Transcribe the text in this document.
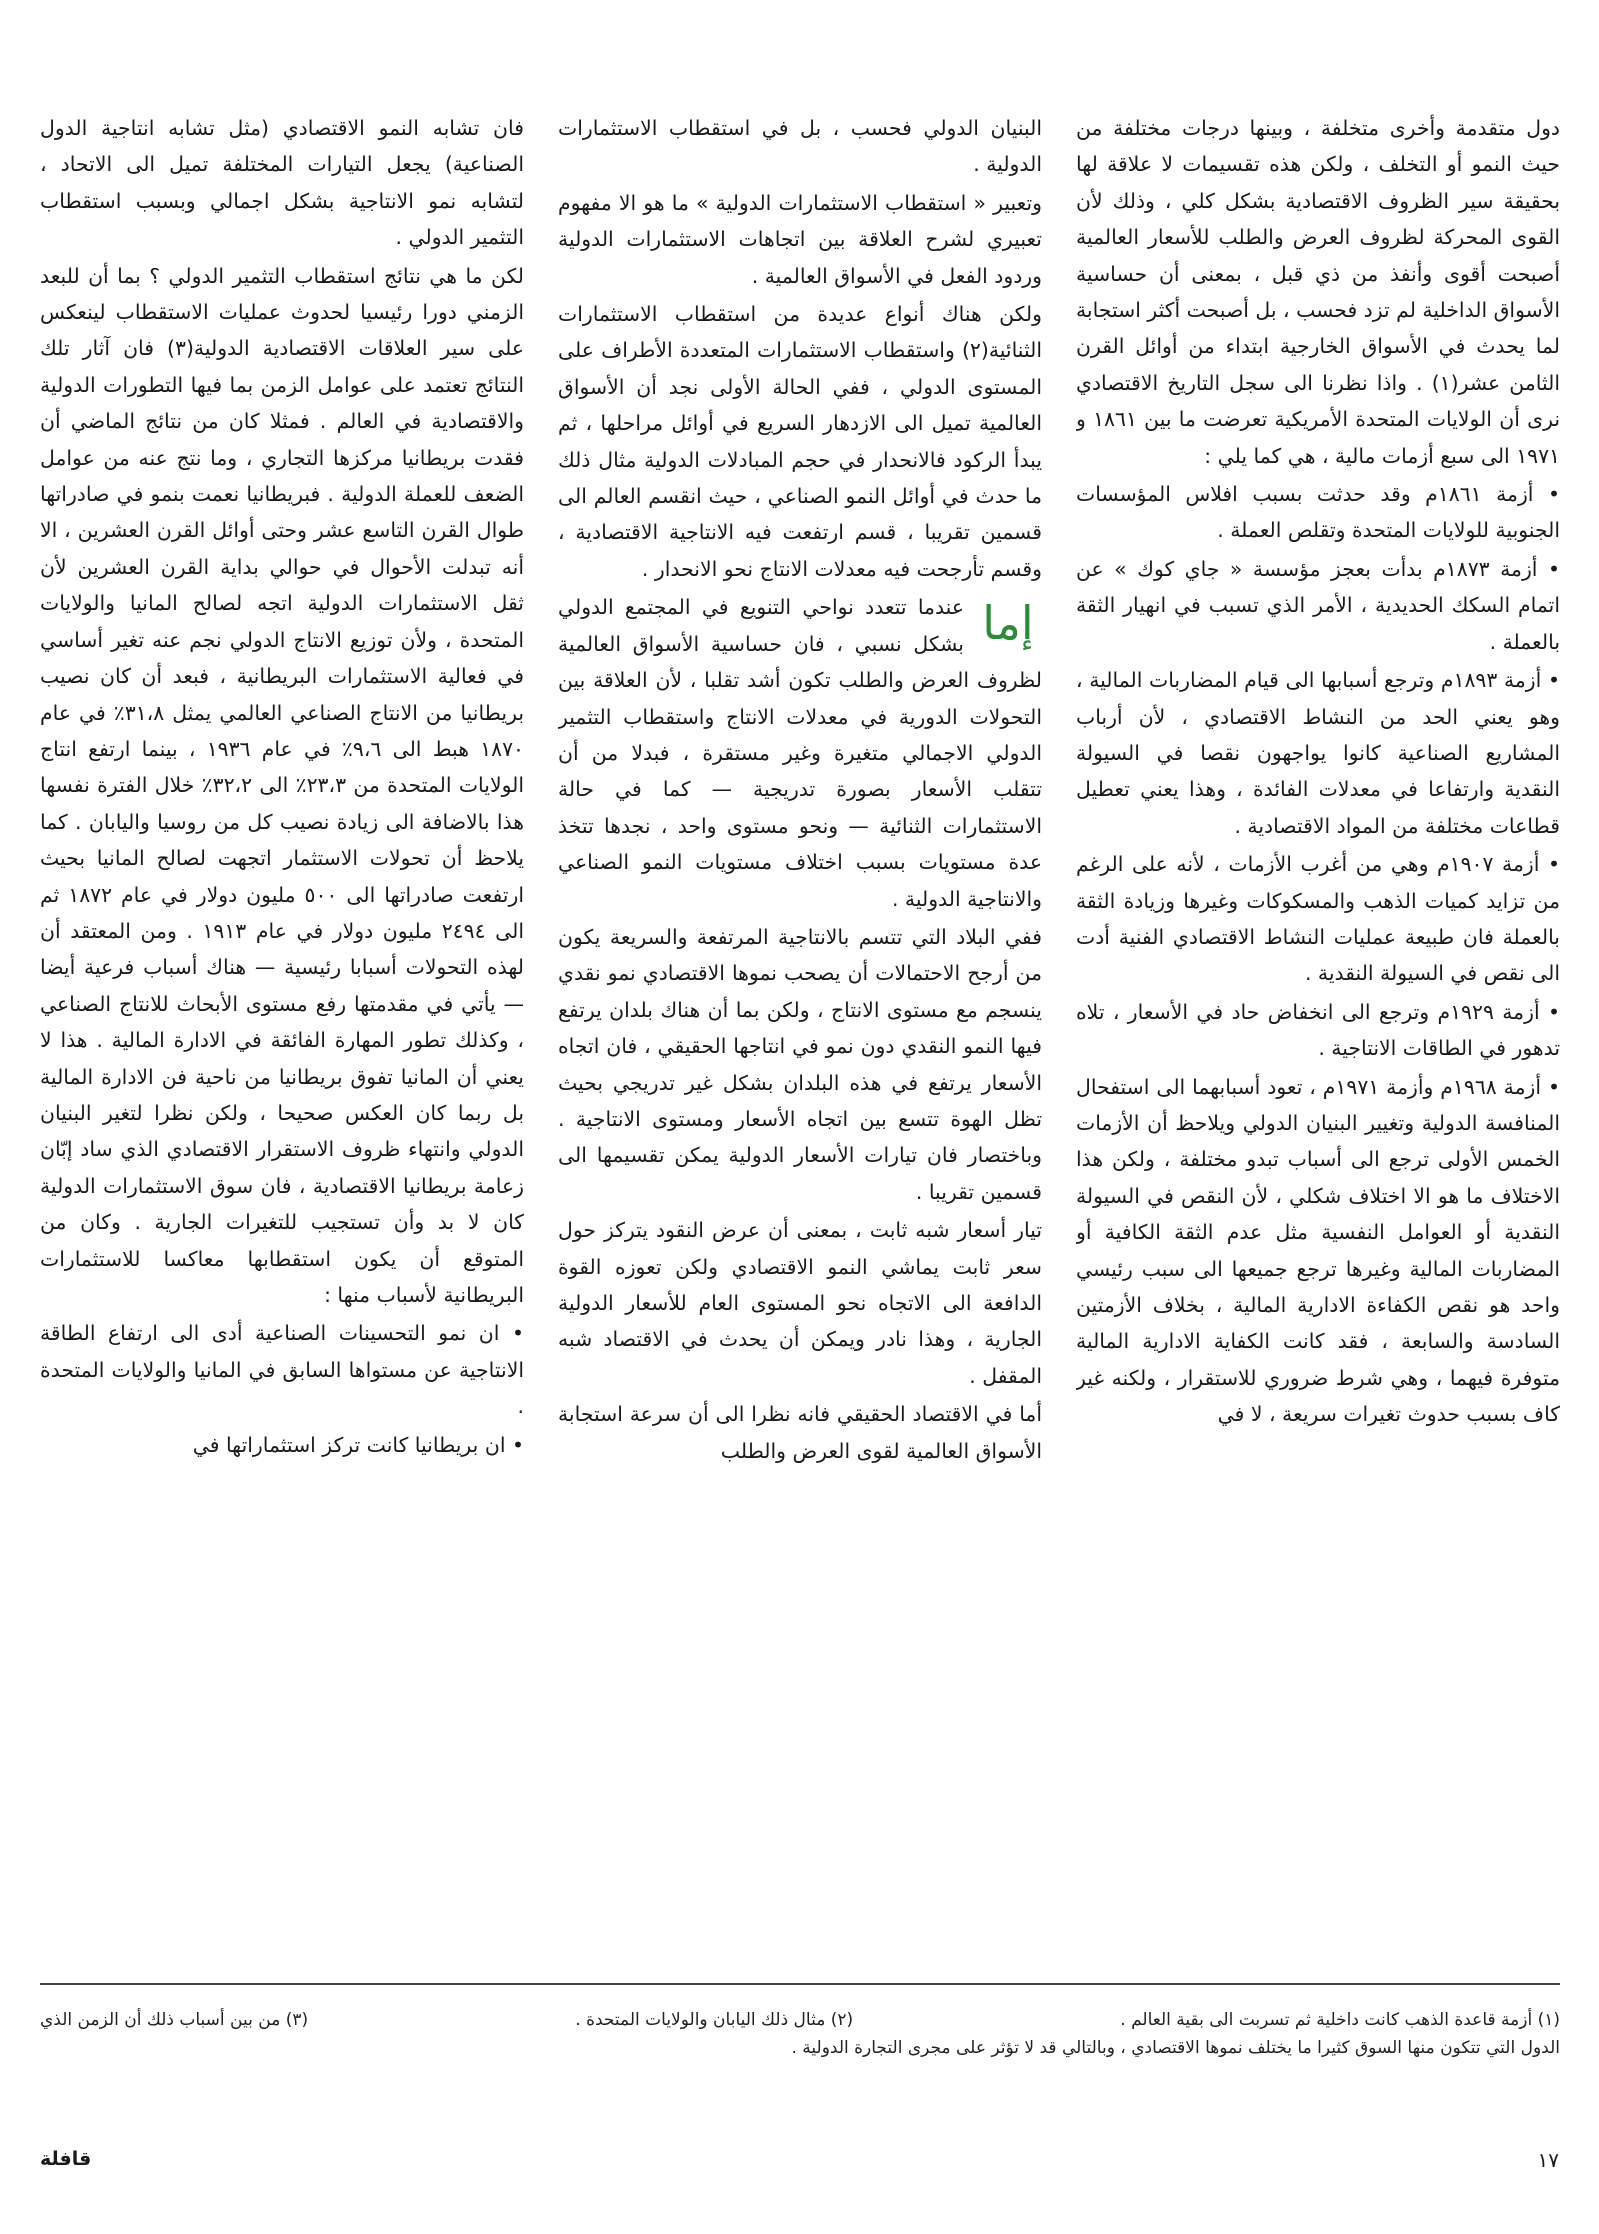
دول متقدمة وأخرى متخلفة ، وبينها درجات مختلفة من حيث النمو أو التخلف ، ولكن هذه تقسيمات لا علاقة لها بحقيقة سير الظروف الاقتصادية بشكل كلي ، وذلك لأن القوى المحركة لظروف العرض والطلب للأسعار العالمية أصبحت أقوى وأنفذ من ذي قبل ، بمعنى أن حساسية الأسواق الداخلية لم تزد فحسب ، بل أصبحت أكثر استجابة لما يحدث في الأسواق الخارجية ابتداء من أوائل القرن الثامن عشر(١) . واذا نظرنا الى سجل التاريخ الاقتصادي نرى أن الولايات المتحدة الأمريكية تعرضت ما بين ١٨٦١ و ١٩٧١ الى سبع أزمات مالية ، هي كما يلي :

• أزمة ١٨٦١م وقد حدثت بسبب افلاس المؤسسات الجنوبية للولايات المتحدة وتقلص العملة .

• أزمة ١٨٧٣م بدأت بعجز مؤسسة « جاي كوك » عن اتمام السكك الحديدية ، الأمر الذي تسبب في انهيار الثقة بالعملة .

• أزمة ١٨٩٣م وترجع أسبابها الى قيام المضاربات المالية ، وهو يعني الحد من النشاط الاقتصادي ، لأن أرباب المشاريع الصناعية كانوا يواجهون نقصا في السيولة النقدية وارتفاعا في معدلات الفائدة ، وهذا يعني تعطيل قطاعات مختلفة من المواد الاقتصادية .

• أزمة ١٩٠٧م وهي من أغرب الأزمات ، لأنه على الرغم من تزايد كميات الذهب والمسكوكات وغيرها وزيادة الثقة بالعملة فان طبيعة عمليات النشاط الاقتصادي الفنية أدت الى نقص في السيولة النقدية .

• أزمة ١٩٢٩م وترجع الى انخفاض حاد في الأسعار ، تلاه تدهور في الطاقات الانتاجية .

• أزمة ١٩٦٨م وأزمة ١٩٧١م ، تعود أسبابهما الى استفحال المنافسة الدولية وتغيير البنيان الدولي ويلاحظ أن الأزمات الخمس الأولى ترجع الى أسباب تبدو مختلفة ، ولكن هذا الاختلاف ما هو الا اختلاف شكلي ، لأن النقص في السيولة النقدية أو العوامل النفسية مثل عدم الثقة الكافية أو المضاربات المالية وغيرها ترجع جميعها الى سبب رئيسي واحد هو نقص الكفاءة الادارية المالية ، بخلاف الأزمتين السادسة والسابعة ، فقد كانت الكفاية الادارية المالية متوفرة فيهما ، وهي شرط ضروري للاستقرار ، ولكنه غير كاف بسبب حدوث تغيرات سريعة ، لا في

البنيان الدولي فحسب ، بل في استقطاب الاستثمارات الدولية .

وتعبير « استقطاب الاستثمارات الدولية » ما هو الا مفهوم تعبيري لشرح العلاقة بين اتجاهات الاستثمارات الدولية وردود الفعل في الأسواق العالمية .

ولكن هناك أنواع عديدة من استقطاب الاستثمارات الثنائية(٢) واستقطاب الاستثمارات المتعددة الأطراف على المستوى الدولي ، ففي الحالة الأولى نجد أن الأسواق العالمية تميل الى الازدهار السريع في أوائل مراحلها ، ثم يبدأ الركود فالانحدار في حجم المبادلات الدولية مثال ذلك ما حدث في أوائل النمو الصناعي ، حيث انقسم العالم الى قسمين تقريبا ، قسم ارتفعت فيه الانتاجية الاقتصادية ، وقسم تأرجحت فيه معدلات الانتاج نحو الانحدار .

إما
عندما تتعدد نواحي التنويع في المجتمع الدولي بشكل نسبي ، فان حساسية الأسواق العالمية لظروف العرض والطلب تكون أشد تقلبا ، لأن العلاقة بين التحولات الدورية في معدلات الانتاج واستقطاب التثمير الدولي الاجمالي متغيرة وغير مستقرة ، فبدلا من أن تتقلب الأسعار بصورة تدريجية — كما في حالة الاستثمارات الثنائية — ونحو مستوى واحد ، نجدها تتخذ عدة مستويات بسبب اختلاف مستويات النمو الصناعي والانتاجية الدولية .

ففي البلاد التي تتسم بالانتاجية المرتفعة والسريعة يكون من أرجح الاحتمالات أن يصحب نموها الاقتصادي نمو نقدي ينسجم مع مستوى الانتاج ، ولكن بما أن هناك بلدان يرتفع فيها النمو النقدي دون نمو في انتاجها الحقيقي ، فان اتجاه الأسعار يرتفع في هذه البلدان بشكل غير تدريجي بحيث تظل الهوة تتسع بين اتجاه الأسعار ومستوى الانتاجية . وباختصار فان تيارات الأسعار الدولية يمكن تقسيمها الى قسمين تقريبا .

تيار أسعار شبه ثابت ، بمعنى أن عرض النقود يتركز حول سعر ثابت يماشي النمو الاقتصادي ولكن تعوزه القوة الدافعة الى الاتجاه نحو المستوى العام للأسعار الدولية الجارية ، وهذا نادر ويمكن أن يحدث في الاقتصاد شبه المقفل .

أما في الاقتصاد الحقيقي فانه نظرا الى أن سرعة استجابة الأسواق العالمية لقوى العرض والطلب

فان تشابه النمو الاقتصادي (مثل تشابه انتاجية الدول الصناعية) يجعل التيارات المختلفة تميل الى الاتحاد ، لتشابه نمو الانتاجية بشكل اجمالي وبسبب استقطاب التثمير الدولي .

لكن ما هي نتائج استقطاب التثمير الدولي ؟ بما أن للبعد الزمني دورا رئيسيا لحدوث عمليات الاستقطاب لينعكس على سير العلاقات الاقتصادية الدولية(٣) فان آثار تلك النتائج تعتمد على عوامل الزمن بما فيها التطورات الدولية والاقتصادية في العالم . فمثلا كان من نتائج الماضي أن فقدت بريطانيا مركزها التجاري ، وما نتج عنه من عوامل الضعف للعملة الدولية . فبريطانيا نعمت بنمو في صادراتها طوال القرن التاسع عشر وحتى أوائل القرن العشرين ، الا أنه تبدلت الأحوال في حوالي بداية القرن العشرين لأن ثقل الاستثمارات الدولية اتجه لصالح المانيا والولايات المتحدة ، ولأن توزيع الانتاج الدولي نجم عنه تغير أساسي في فعالية الاستثمارات البريطانية ، فبعد أن كان نصيب بريطانيا من الانتاج الصناعي العالمي يمثل ٣١،٨٪ في عام ١٨٧٠ هبط الى ٩،٦٪ في عام ١٩٣٦ ، بينما ارتفع انتاج الولايات المتحدة من ٢٣،٣٪ الى ٣٢،٢٪ خلال الفترة نفسها هذا بالاضافة الى زيادة نصيب كل من روسيا واليابان . كما يلاحظ أن تحولات الاستثمار اتجهت لصالح المانيا بحيث ارتفعت صادراتها الى ٥٠٠ مليون دولار في عام ١٨٧٢ ثم الى ٢٤٩٤ مليون دولار في عام ١٩١٣ . ومن المعتقد أن لهذه التحولات أسبابا رئيسية — هناك أسباب فرعية أيضا — يأتي في مقدمتها رفع مستوى الأبحاث للانتاج الصناعي ، وكذلك تطور المهارة الفائقة في الادارة المالية . هذا لا يعني أن المانيا تفوق بريطانيا من ناحية فن الادارة المالية بل ربما كان العكس صحيحا ، ولكن نظرا لتغير البنيان الدولي وانتهاء ظروف الاستقرار الاقتصادي الذي ساد إبّان زعامة بريطانيا الاقتصادية ، فان سوق الاستثمارات الدولية كان لا بد وأن تستجيب للتغيرات الجارية . وكان من المتوقع أن يكون استقطابها معاكسا للاستثمارات البريطانية لأسباب منها :

• ان نمو التحسينات الصناعية أدى الى ارتفاع الطاقة الانتاجية عن مستواها السابق في المانيا والولايات المتحدة .

• ان بريطانيا كانت تركز استثماراتها في

(١) أزمة قاعدة الذهب كانت داخلية ثم تسربت الى بقية العالم .
(٢) مثال ذلك اليابان والولايات المتحدة .
(٣) من بين أسباب ذلك أن الزمن الذي
الدول التي تتكون منها السوق كثيرا ما يختلف نموها الاقتصادي ، وبالتالي قد لا تؤثر على مجرى التجارة الدولية .
١٧
قافلة
